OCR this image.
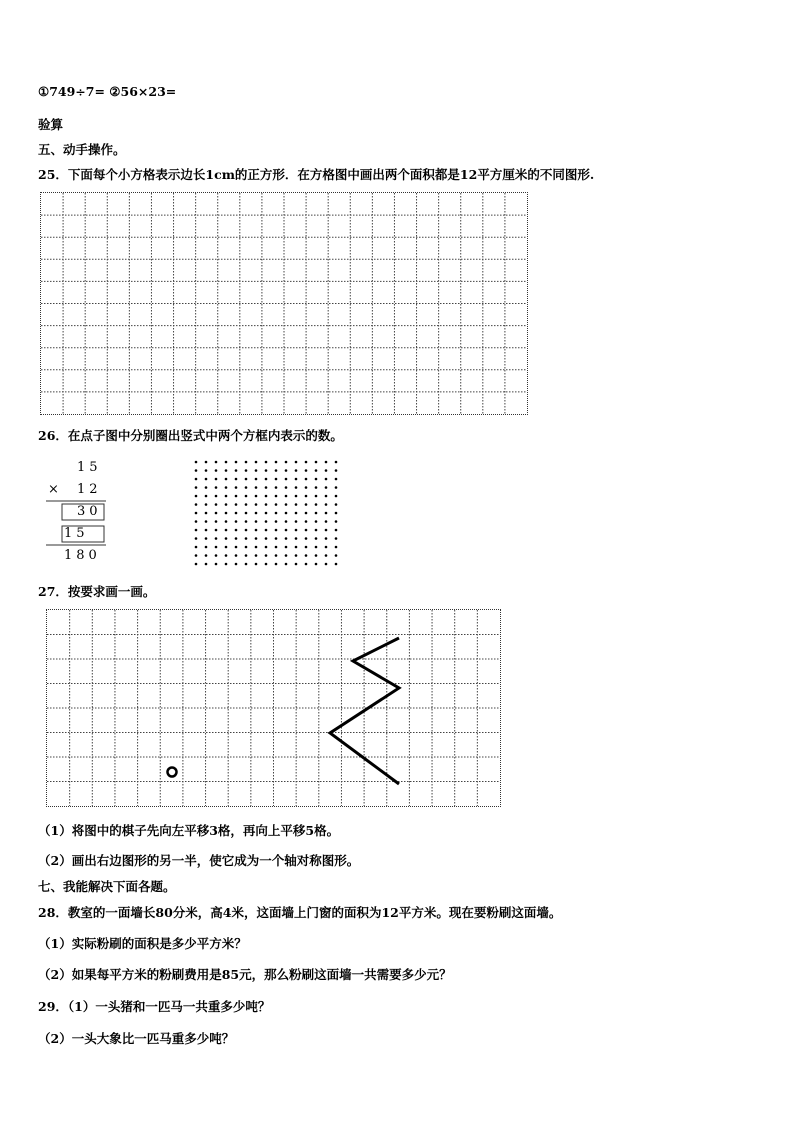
①749÷7= ②56×23=
验算
五、动手操作。
25．下面每个小方格表示边长1cm的正方形．在方格图中画出两个面积都是12平方厘米的不同图形.
26．在点子图中分别圈出竖式中两个方框内表示的数。
15
× 12
30
15
180
27．按要求画一画。
（1）将图中的棋子先向左平移3格，再向上平移5格。
（2）画出右边图形的另一半，使它成为一个轴对称图形。
七、我能解决下面各题。
28．教室的一面墙长80分米，高4米，这面墙上门窗的面积为12平方米。现在要粉刷这面墙。
（1）实际粉刷的面积是多少平方米？
（2）如果每平方米的粉刷费用是85元，那么粉刷这面墙一共需要多少元？
29．（1）一头猪和一匹马一共重多少吨？
（2）一头大象比一匹马重多少吨？
